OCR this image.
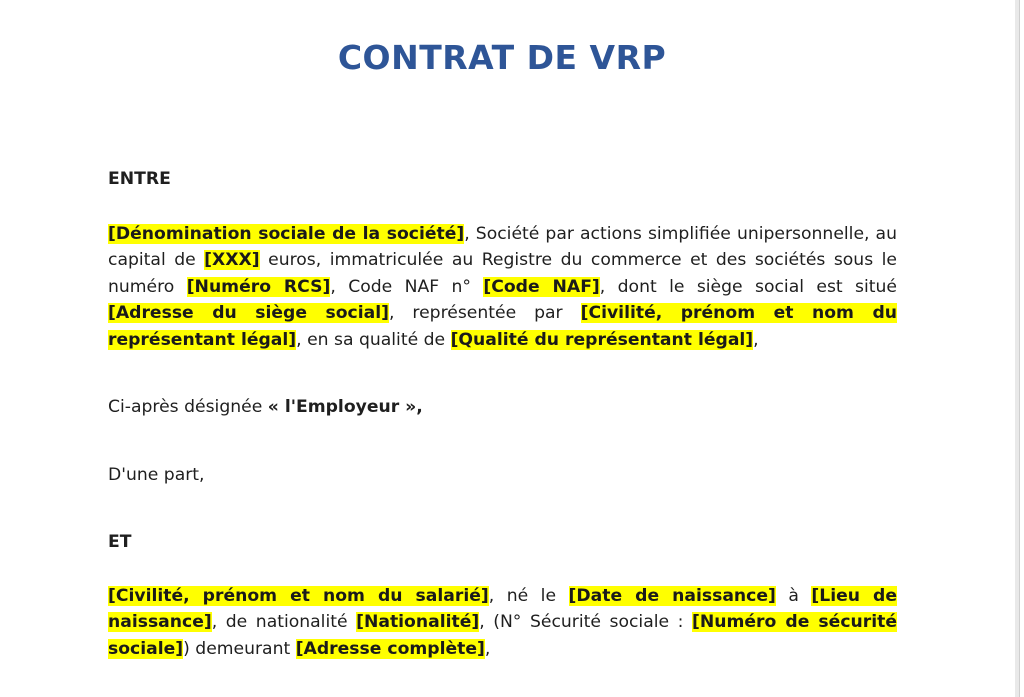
CONTRAT DE VRP

ENTRE

[Dénomination sociale de la société], Société par actions simplifiée unipersonnelle, au capital de [XXX] euros, immatriculée au Registre du commerce et des sociétés sous le numéro [Numéro RCS], Code NAF n° [Code NAF], dont le siège social est situé [Adresse du siège social], représentée par [Civilité, prénom et nom du représentant légal], en sa qualité de [Qualité du représentant légal],

Ci-après désignée « l'Employeur »,

D'une part,

ET

[Civilité, prénom et nom du salarié], né le [Date de naissance] à [Lieu de naissance], de nationalité [Nationalité], (N° Sécurité sociale : [Numéro de sécurité sociale]) demeurant [Adresse complète],
